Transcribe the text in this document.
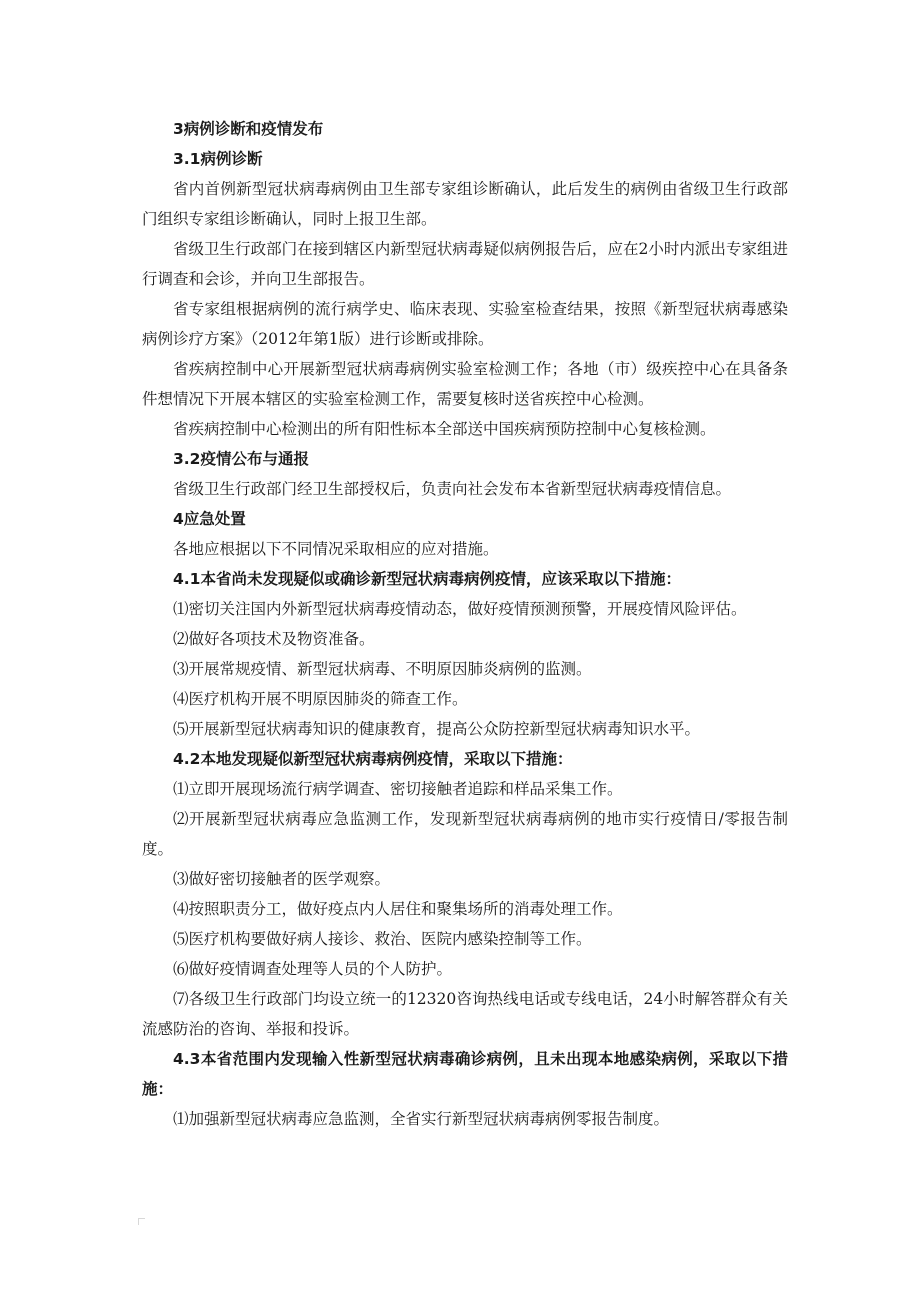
3病例诊断和疫情发布

3.1病例诊断

省内首例新型冠状病毒病例由卫生部专家组诊断确认，此后发生的病例由省级卫生行政部门组织专家组诊断确认，同时上报卫生部。

省级卫生行政部门在接到辖区内新型冠状病毒疑似病例报告后，应在2小时内派出专家组进行调查和会诊，并向卫生部报告。

省专家组根据病例的流行病学史、临床表现、实验室检查结果，按照《新型冠状病毒感染病例诊疗方案》（2012年第1版）进行诊断或排除。

省疾病控制中心开展新型冠状病毒病例实验室检测工作；各地（市）级疾控中心在具备条件想情况下开展本辖区的实验室检测工作，需要复核时送省疾控中心检测。

省疾病控制中心检测出的所有阳性标本全部送中国疾病预防控制中心复核检测。

3.2疫情公布与通报

省级卫生行政部门经卫生部授权后，负责向社会发布本省新型冠状病毒疫情信息。

4应急处置

各地应根据以下不同情况采取相应的应对措施。

4.1本省尚未发现疑似或确诊新型冠状病毒病例疫情，应该采取以下措施：

⑴密切关注国内外新型冠状病毒疫情动态，做好疫情预测预警，开展疫情风险评估。

⑵做好各项技术及物资准备。

⑶开展常规疫情、新型冠状病毒、不明原因肺炎病例的监测。

⑷医疗机构开展不明原因肺炎的筛查工作。

⑸开展新型冠状病毒知识的健康教育，提高公众防控新型冠状病毒知识水平。

4.2本地发现疑似新型冠状病毒病例疫情，采取以下措施：

⑴立即开展现场流行病学调查、密切接触者追踪和样品采集工作。

⑵开展新型冠状病毒应急监测工作，发现新型冠状病毒病例的地市实行疫情日/零报告制度。

⑶做好密切接触者的医学观察。

⑷按照职责分工，做好疫点内人居住和聚集场所的消毒处理工作。

⑸医疗机构要做好病人接诊、救治、医院内感染控制等工作。

⑹做好疫情调查处理等人员的个人防护。

⑺各级卫生行政部门均设立统一的12320咨询热线电话或专线电话，24小时解答群众有关流感防治的咨询、举报和投诉。

4.3本省范围内发现输入性新型冠状病毒确诊病例，且未出现本地感染病例，采取以下措施：

⑴加强新型冠状病毒应急监测，全省实行新型冠状病毒病例零报告制度。
